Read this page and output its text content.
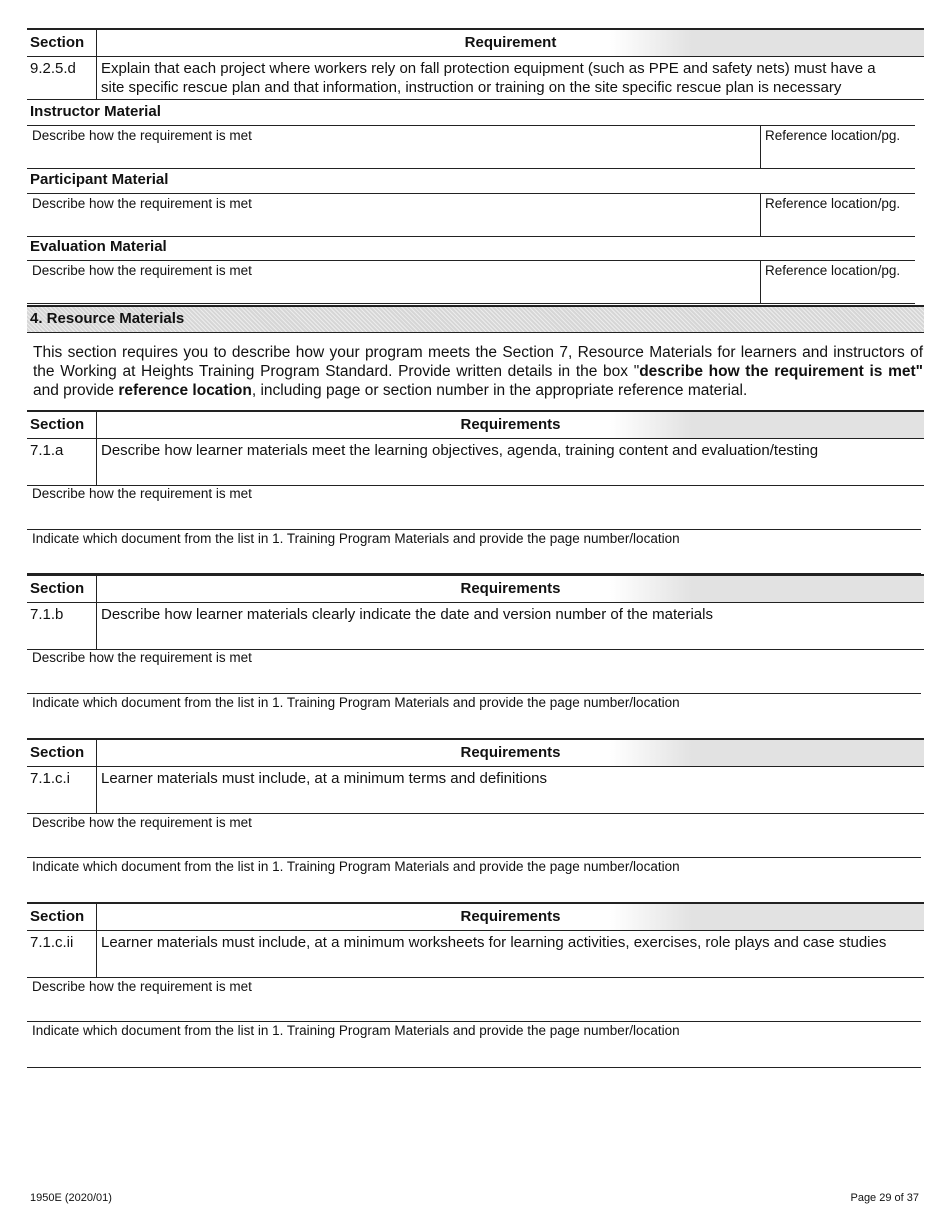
Section	Requirement
9.2.5.d	Explain that each project where workers rely on fall protection equipment (such as PPE and safety nets) must have a
site specific rescue plan and that information, instruction or training on the site specific rescue plan is necessary
Instructor Material
Describe how the requirement is met	Reference location/pg.
Participant Material
Describe how the requirement is met	Reference location/pg.
Evaluation Material
Describe how the requirement is met	Reference location/pg.
4. Resource Materials
This section requires you to describe how your program meets the Section 7, Resource Materials for learners and instructors of the Working at Heights Training Program Standard. Provide written details in the box "describe how the requirement is met" and provide reference location, including page or section number in the appropriate reference material.
Section	Requirements
7.1.a	Describe how learner materials meet the learning objectives, agenda, training content and evaluation/testing
Describe how the requirement is met
Indicate which document from the list in 1. Training Program Materials and provide the page number/location
Section	Requirements
7.1.b	Describe how learner materials clearly indicate the date and version number of the materials
Describe how the requirement is met
Indicate which document from the list in 1. Training Program Materials and provide the page number/location
Section	Requirements
7.1.c.i	Learner materials must include, at a minimum terms and definitions
Describe how the requirement is met
Indicate which document from the list in 1. Training Program Materials and provide the page number/location
Section	Requirements
7.1.c.ii	Learner materials must include, at a minimum worksheets for learning activities, exercises, role plays and case studies
Describe how the requirement is met
Indicate which document from the list in 1. Training Program Materials and provide the page number/location
1950E (2020/01)	Page 29 of 37
